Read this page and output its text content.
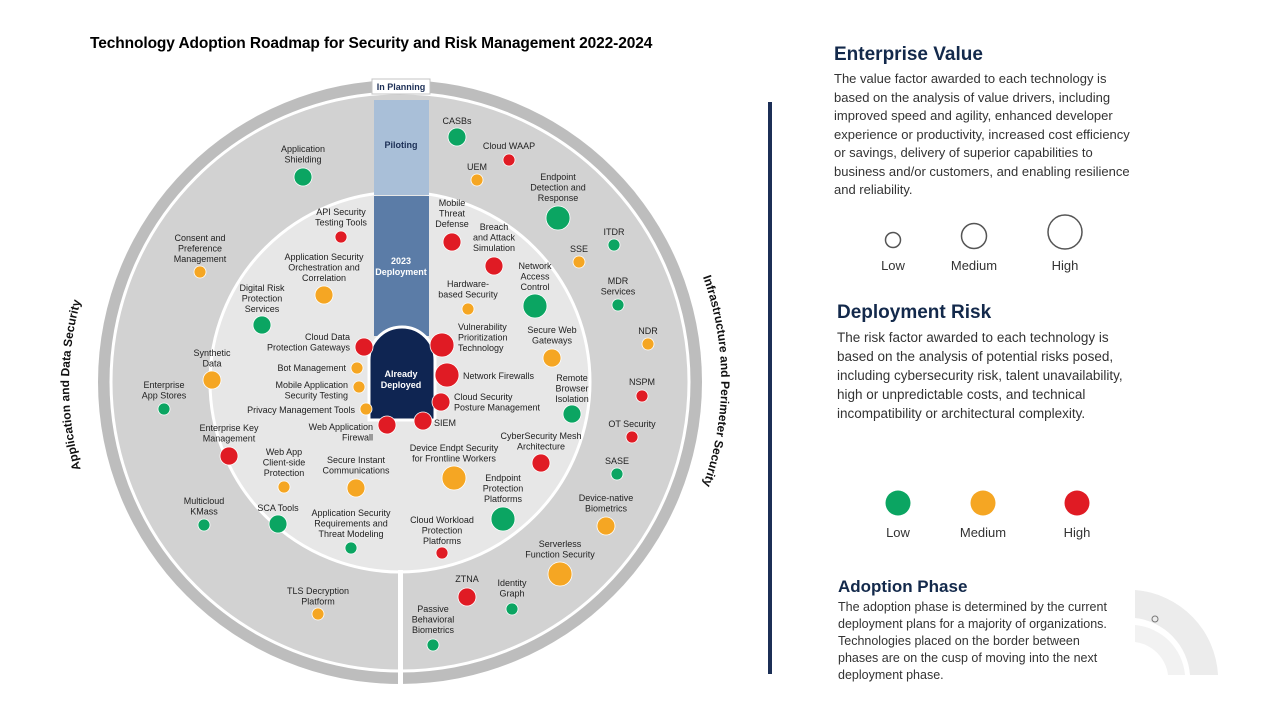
Technology Adoption Roadmap for Security and Risk Management 2022-2024
In Planning
Piloting
2023
Deployment
Already
Deployed
Application and Data Security
Infrastructure and Perimeter Security
Application
Shielding
Consent and
Preference
Management
Digital Risk
Protection
Services
Synthetic
Data
Enterprise
App Stores
Enterprise Key
Management
Multicloud
KMass	SCA Tools
TLS Decryption
Platform
API Security
Testing Tools
Application Security
Orchestration and
Correlation
Cloud Data
Protection Gateways
Bot Management
Mobile Application
Security Testing
Privacy Management Tools
Web Application
Firewall
Web App
Client-side
Protection
Secure Instant
Communications
Application Security
Requirements and
Threat Modeling
CASBs
Cloud WAAP
UEM
Endpoint
Detection and
Response
ITDR
SSE
MDR
Services
NDR
NSPM
OT Security
SASE
Device-native
Biometrics
Serverless
Function Security
ZTNA Identity
Graph
Passive
Behavioral
Biometrics
Mobile
Threat
Defense Breach
and Attack
Simulation
Network
Access
Control
Hardware-
based Security
Secure Web
Gateways
Vulnerability
Prioritization
Technology
Network Firewalls
Cloud Security
Posture Management
SIEM
Remote
Browser
Isolation
CyberSecurity Mesh
Architecture
Device Endpt Security
for Frontline Workers
Endpoint
Protection
Platforms
Cloud Workload
Protection
Platforms
Enterprise Value

The value factor awarded to each technology is based on the analysis of value drivers, including improved speed and agility, enhanced developer experience or productivity, increased cost efficiency or savings, delivery of superior capabilities to business and/or customers, and enabling resilience and reliability.

Low	Medium	High
Deployment Risk

The risk factor awarded to each technology is based on the analysis of potential risks posed, including cybersecurity risk, talent unavailability, high or unpredictable costs, and technical incompatibility or architectural complexity.

Low	Medium	High
Adoption Phase

The adoption phase is determined by the current deployment plans for a majority of organizations. Technologies placed on the border between phases are on the cusp of moving into the next deployment phase.
